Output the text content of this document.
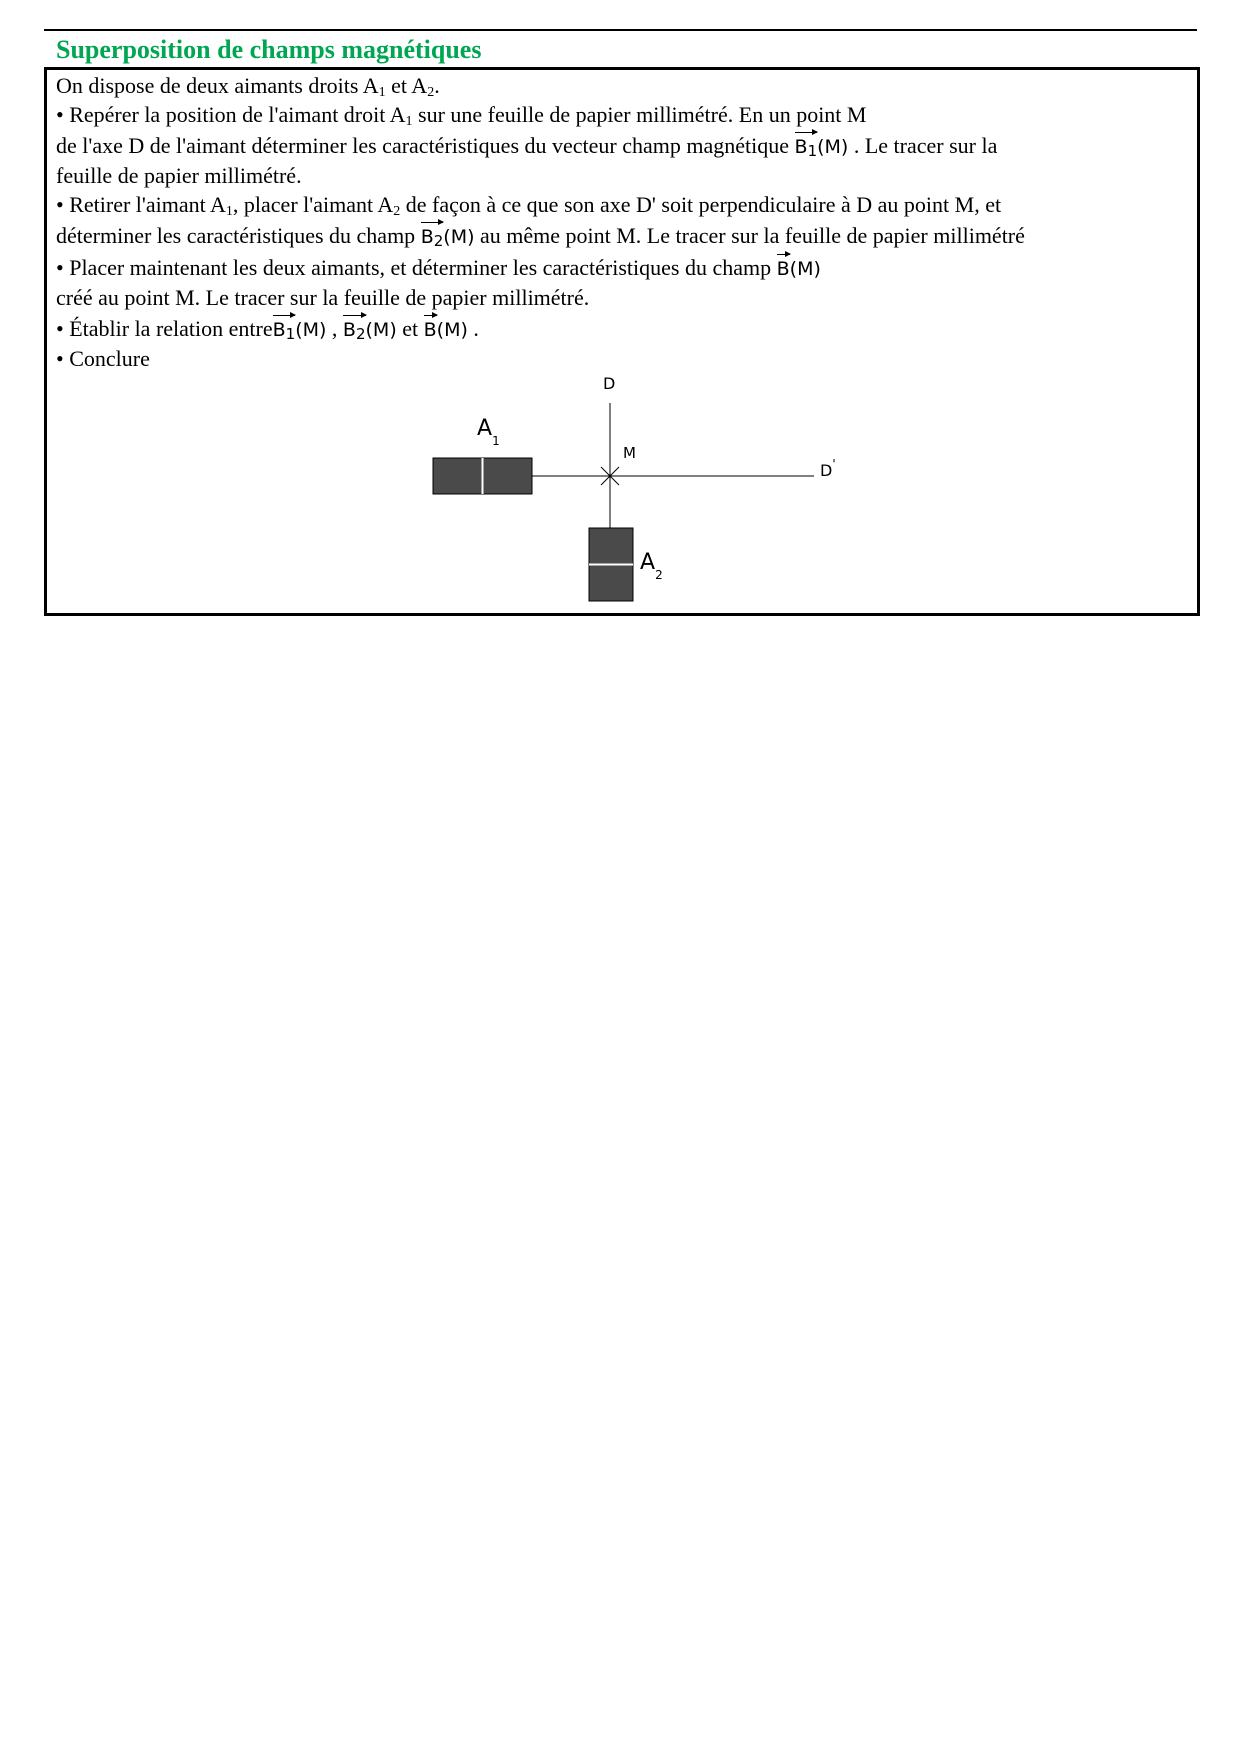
Superposition de champs magnétiques
On dispose de deux aimants droits $A_1$ et $A_2$.
• Repérer la position de l'aimant droit $A_1$ sur une feuille de papier millimétré. En un point M
de l'axe D de l'aimant déterminer les caractéristiques du vecteur champ magnétique
B1(M) . Le tracer sur la
feuille de papier millimétré.
• Retirer l'aimant $A_1$, placer l'aimant $A_2$ de façon à ce que son axe D' soit perpendiculaire à D au point M, et
déterminer les caractéristiques du champ
B2(M) au même point M. Le tracer sur la feuille de papier millimétré
• Placer maintenant les deux aimants, et déterminer les caractéristiques du champ
B(M)
créé au point M. Le tracer sur la feuille de papier millimétré.
• Établir la relation entre
B1(M) ,
B2(M) et
B(M) .
• Conclure
D
M
D'
$A_1$
$A_2$
